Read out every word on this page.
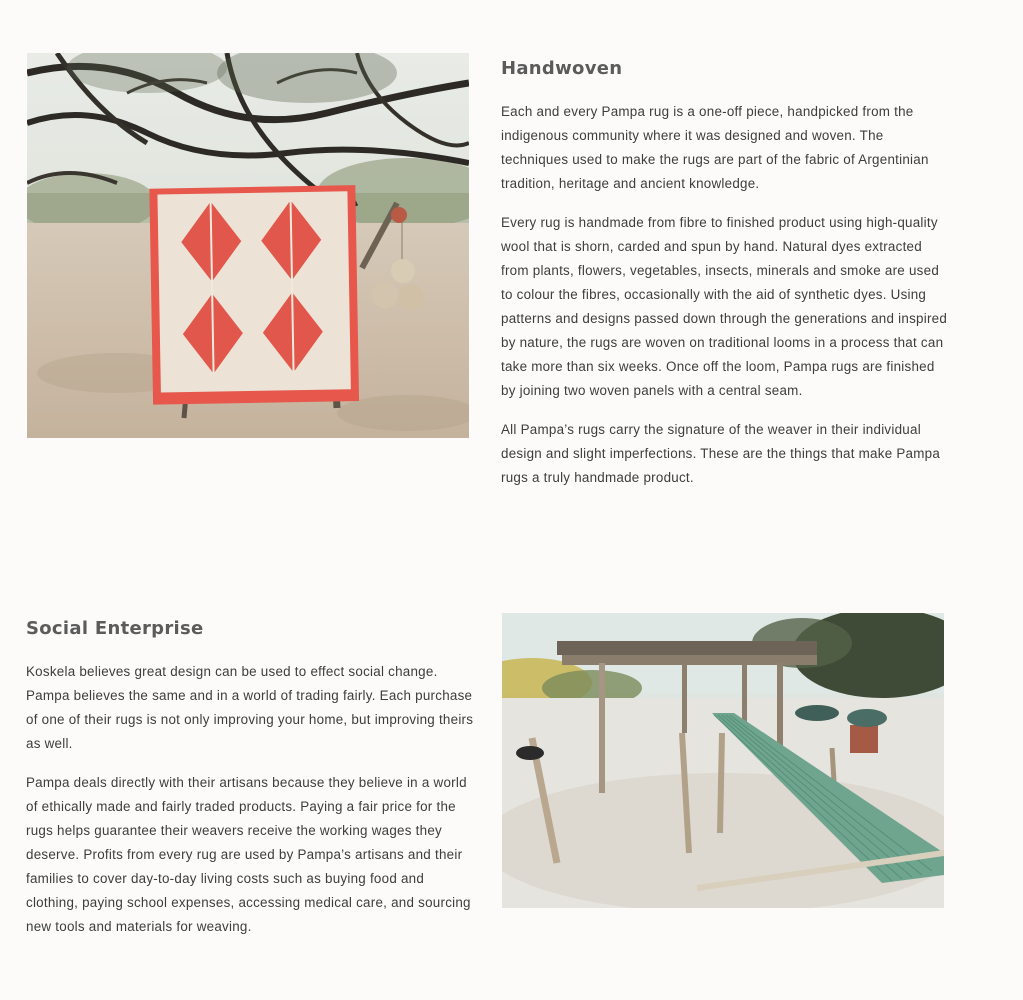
Handwoven

Each and every Pampa rug is a one-off piece, handpicked from the indigenous community where it was designed and woven. The techniques used to make the rugs are part of the fabric of Argentinian tradition, heritage and ancient knowledge.

Every rug is handmade from fibre to finished product using high-quality wool that is shorn, carded and spun by hand. Natural dyes extracted from plants, flowers, vegetables, insects, minerals and smoke are used to colour the fibres, occasionally with the aid of synthetic dyes. Using patterns and designs passed down through the generations and inspired by nature, the rugs are woven on traditional looms in a process that can take more than six weeks. Once off the loom, Pampa rugs are finished by joining two woven panels with a central seam.

All Pampa’s rugs carry the signature of the weaver in their individual design and slight imperfections. These are the things that make Pampa rugs a truly handmade product.

Social Enterprise

Koskela believes great design can be used to effect social change. Pampa believes the same and in a world of trading fairly. Each purchase of one of their rugs is not only improving your home, but improving theirs as well.

Pampa deals directly with their artisans because they believe in a world of ethically made and fairly traded products. Paying a fair price for the rugs helps guarantee their weavers receive the working wages they deserve. Profits from every rug are used by Pampa’s artisans and their families to cover day-to-day living costs such as buying food and clothing, paying school expenses, accessing medical care, and sourcing new tools and materials for weaving.
